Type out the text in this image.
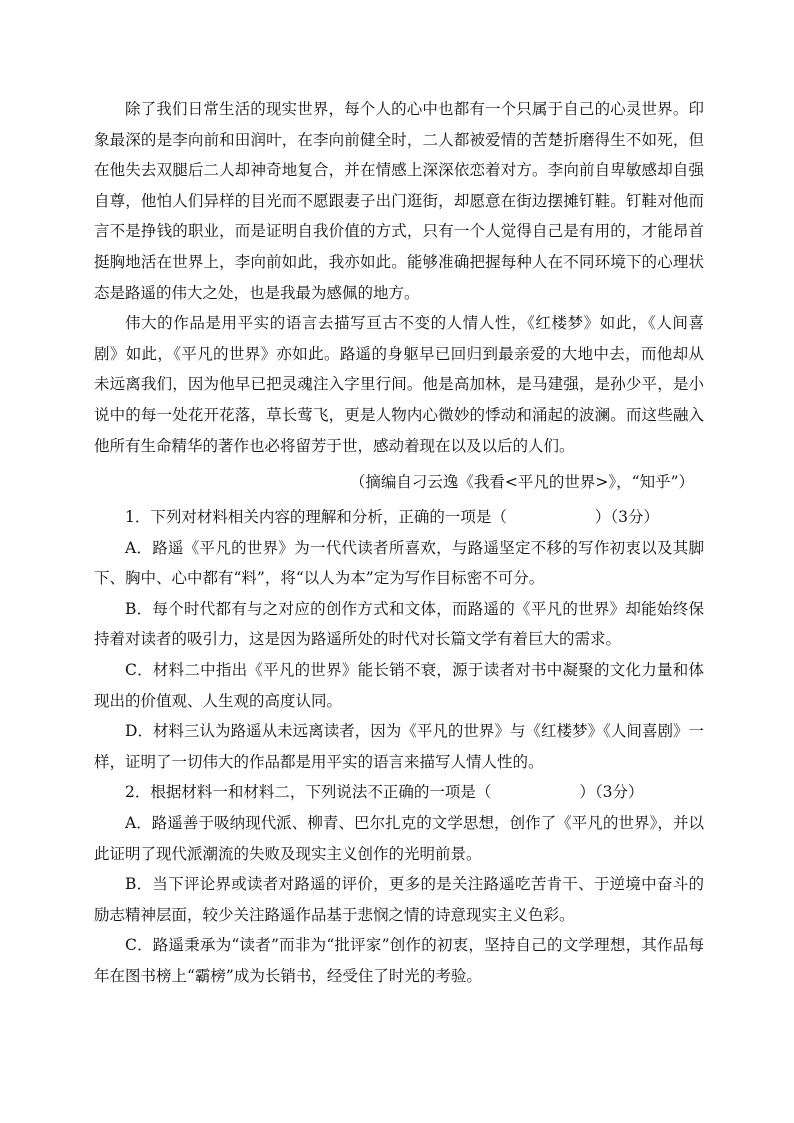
除了我们日常生活的现实世界，每个人的心中也都有一个只属于自己的心灵世界。印象最深的是李向前和田润叶，在李向前健全时，二人都被爱情的苦楚折磨得生不如死，但在他失去双腿后二人却神奇地复合，并在情感上深深依恋着对方。李向前自卑敏感却自强自尊，他怕人们异样的目光而不愿跟妻子出门逛街，却愿意在街边摆摊钉鞋。钉鞋对他而言不是挣钱的职业，而是证明自我价值的方式，只有一个人觉得自己是有用的，才能昂首挺胸地活在世界上，李向前如此，我亦如此。能够准确把握每种人在不同环境下的心理状态是路遥的伟大之处，也是我最为感佩的地方。

伟大的作品是用平实的语言去描写亘古不变的人情人性，《红楼梦》如此，《人间喜剧》如此，《平凡的世界》亦如此。路遥的身躯早已回归到最亲爱的大地中去，而他却从未远离我们，因为他早已把灵魂注入字里行间。他是高加林，是马建强，是孙少平，是小说中的每一处花开花落，草长莺飞，更是人物内心微妙的悸动和涌起的波澜。而这些融入他所有生命精华的著作也必将留芳于世，感动着现在以及以后的人们。

（摘编自刁云逸《我看<平凡的世界>》，“知乎”）

1．下列对材料相关内容的理解和分析，正确的一项是（	）（3分）

A．路遥《平凡的世界》为一代代读者所喜欢，与路遥坚定不移的写作初衷以及其脚下、胸中、心中都有“料”，将“以人为本”定为写作目标密不可分。

B．每个时代都有与之对应的创作方式和文体，而路遥的《平凡的世界》却能始终保持着对读者的吸引力，这是因为路遥所处的时代对长篇文学有着巨大的需求。

C．材料二中指出《平凡的世界》能长销不衰，源于读者对书中凝聚的文化力量和体现出的价值观、人生观的高度认同。

D．材料三认为路遥从未远离读者，因为《平凡的世界》与《红楼梦》《人间喜剧》一样，证明了一切伟大的作品都是用平实的语言来描写人情人性的。

2．根据材料一和材料二，下列说法不正确的一项是（	）（3分）

A．路遥善于吸纳现代派、柳青、巴尔扎克的文学思想，创作了《平凡的世界》，并以此证明了现代派潮流的失败及现实主义创作的光明前景。

B．当下评论界或读者对路遥的评价，更多的是关注路遥吃苦肯干、于逆境中奋斗的励志精神层面，较少关注路遥作品基于悲悯之情的诗意现实主义色彩。

C．路遥秉承为“读者”而非为“批评家”创作的初衷，坚持自己的文学理想，其作品每年在图书榜上“霸榜”成为长销书，经受住了时光的考验。
